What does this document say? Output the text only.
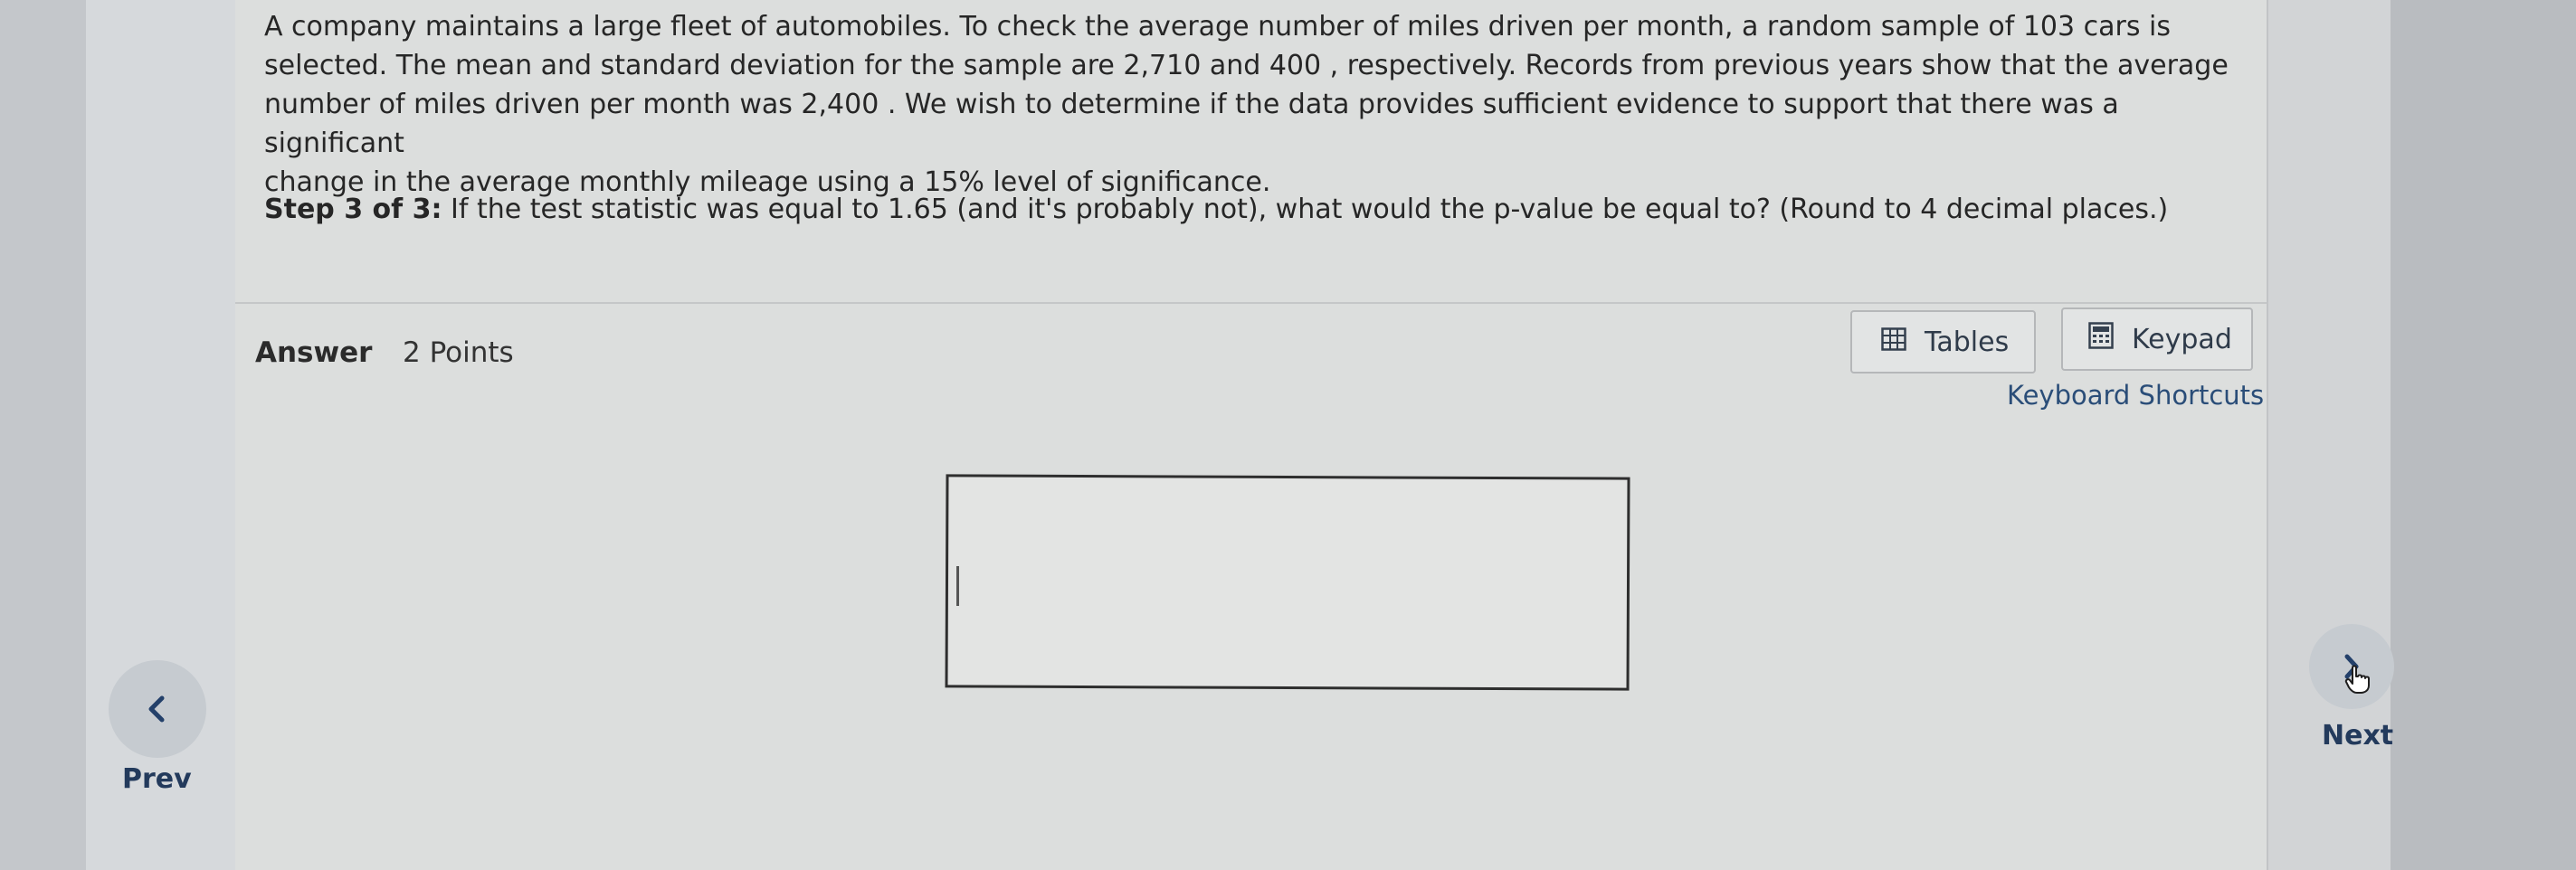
Prev
A company maintains a large fleet of automobiles. To check the average number of miles driven per month, a random sample of 103 cars is
selected. The mean and standard deviation for the sample are 2,710 and 400 , respectively. Records from previous years show that the average
number of miles driven per month was 2,400 . We wish to determine if the data provides sufficient evidence to support that there was a significant
change in the average monthly mileage using a 15% level of significance.
Step 3 of 3: If the test statistic was equal to 1.65 (and it's probably not), what would the p-value be equal to? (Round to 4 decimal places.)
Answer 2 Points	Tables	Keypad
Keyboard Shortcuts
Next
